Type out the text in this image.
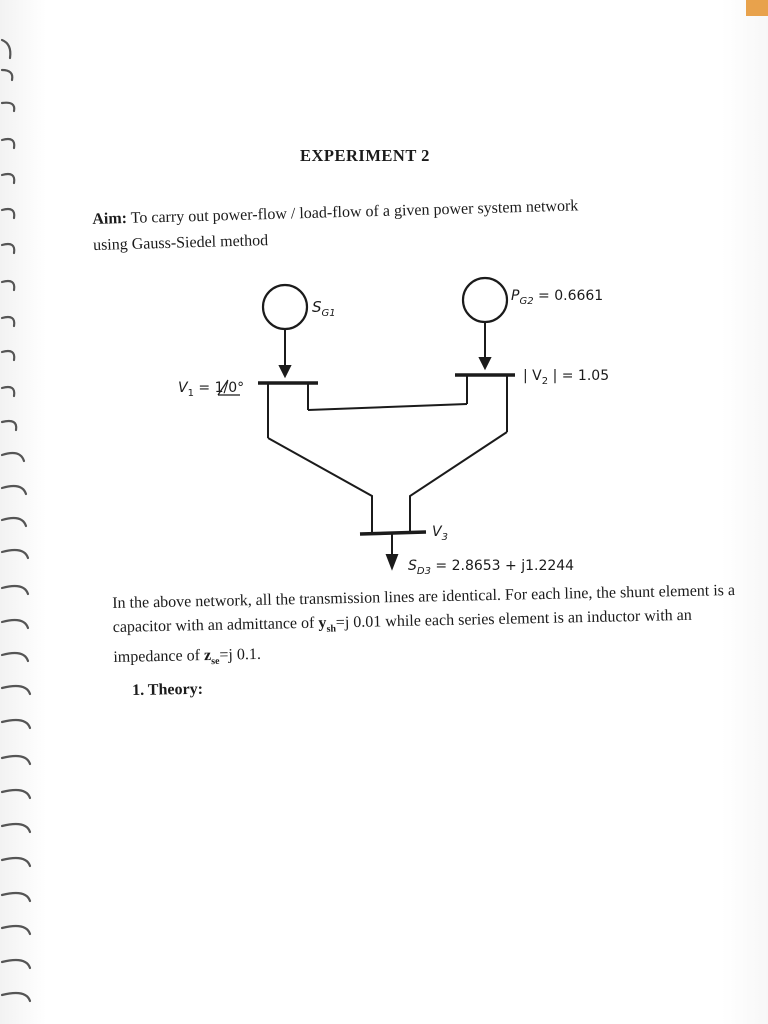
EXPERIMENT 2
Aim: To carry out power-flow / load-flow of a given power system network
using Gauss-Siedel method
$S_{G1}$
$P_{G2} = 0.6661$
$V_1 = 1/0^\circ$
| $V_2$ | = 1.05
$V_3$
$S_{D3} = 2.8653 + j1.2244$
In the above network, all the transmission lines are identical. For each line, the shunt element is a capacitor with an admittance of $y_{sh}=j$ 0.01 while each series element is an inductor with an impedance of $z_{se}=j$ 0.1.
1. Theory:
